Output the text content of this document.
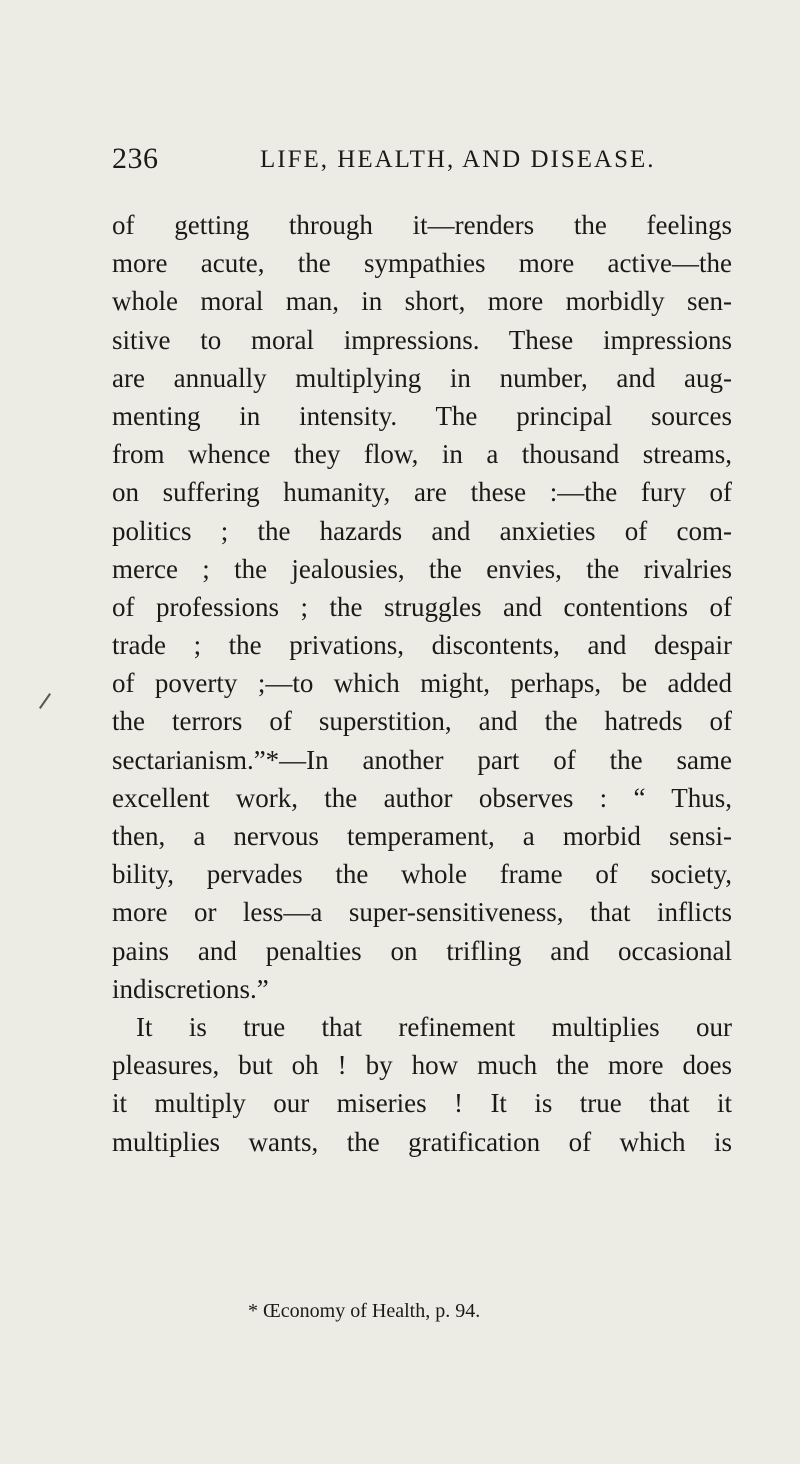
236	LIFE, HEALTH, AND DISEASE.
of getting through it—renders the feelings
more acute, the sympathies more active—the
whole moral man, in short, more morbidly sen-
sitive to moral impressions. These impressions
are annually multiplying in number, and aug-
menting in intensity. The principal sources
from whence they flow, in a thousand streams,
on suffering humanity, are these :—the fury of
politics ; the hazards and anxieties of com-
merce ; the jealousies, the envies, the rivalries
of professions ; the struggles and contentions of
trade ; the privations, discontents, and despair
of poverty ;—to which might, perhaps, be added
the terrors of superstition, and the hatreds of
sectarianism.”*—In another part of the same
excellent work, the author observes : “ Thus,
then, a nervous temperament, a morbid sensi-
bility, pervades the whole frame of society,
more or less—a super-sensitiveness, that inflicts
pains and penalties on trifling and occasional
indiscretions.”
It is true that refinement multiplies our
pleasures, but oh ! by how much the more does
it multiply our miseries ! It is true that it
multiplies wants, the gratification of which is
* Œconomy of Health, p. 94.
